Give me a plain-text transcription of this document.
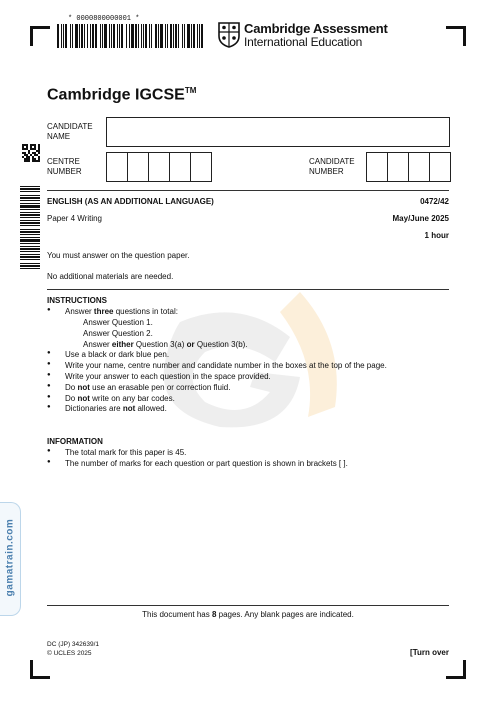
* 0000800000001 *
Cambridge Assessment
International Education
Cambridge IGCSE™
CANDIDATE
NAME
CENTRE
NUMBER
CANDIDATE
NUMBER
ENGLISH (AS AN ADDITIONAL LANGUAGE)	0472/42
Paper 4 Writing	May/June 2025
1 hour
You must answer on the question paper.
No additional materials are needed.
INSTRUCTIONS
●	Answer three questions in total:
Answer Question 1.
Answer Question 2.
Answer either Question 3(a) or Question 3(b).
●	Use a black or dark blue pen.
●	Write your name, centre number and candidate number in the boxes at the top of the page.
●	Write your answer to each question in the space provided.
●	Do not use an erasable pen or correction fluid.
●	Do not write on any bar codes.
●	Dictionaries are not allowed.
INFORMATION
●	The total mark for this paper is 45.
●	The number of marks for each question or part question is shown in brackets [ ].
gamatrain.com
This document has 8 pages. Any blank pages are indicated.
DC (JP) 342639/1
© UCLES 2025	[Turn over
